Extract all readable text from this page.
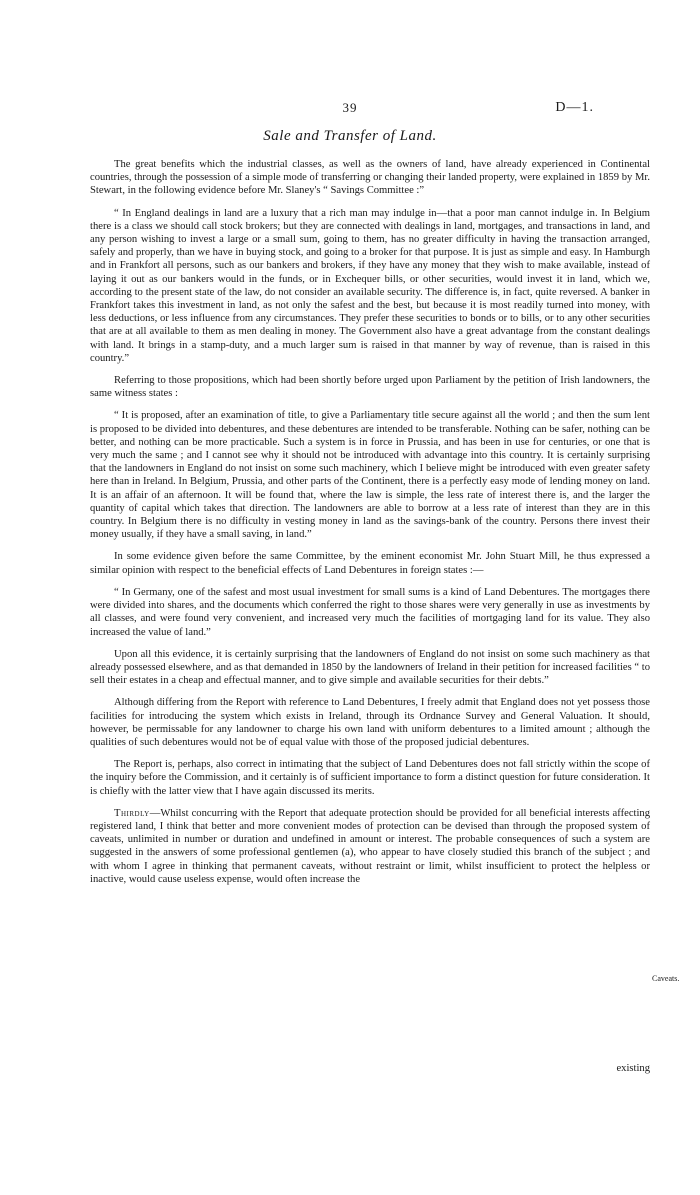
39	D—1.
Sale and Transfer of Land.

The great benefits which the industrial classes, as well as the owners of land, have already experienced in Continental countries, through the possession of a simple mode of transferring or changing their landed property, were explained in 1859 by Mr. Stewart, in the following evidence before Mr. Slaney's “ Savings Committee :”

“ In England dealings in land are a luxury that a rich man may indulge in—that a poor man cannot indulge in. In Belgium there is a class we should call stock brokers; but they are connected with dealings in land, mortgages, and transactions in land, and any person wishing to invest a large or a small sum, going to them, has no greater difficulty in having the transaction arranged, safely and properly, than we have in buying stock, and going to a broker for that purpose. It is just as simple and easy. In Hamburgh and in Frankfort all persons, such as our bankers and brokers, if they have any money that they wish to make available, instead of laying it out as our bankers would in the funds, or in Exchequer bills, or other securities, would invest it in land, which we, according to the present state of the law, do not consider an available security. The difference is, in fact, quite reversed. A banker in Frankfort takes this investment in land, as not only the safest and the best, but because it is most readily turned into money, with less deductions, or less influence from any circumstances. They prefer these securities to bonds or to bills, or to any other securities that are at all available to them as men dealing in money. The Government also have a great advantage from the constant dealings with land. It brings in a stamp-duty, and a much larger sum is raised in that manner by way of revenue, than is raised in this country.”

Referring to those propositions, which had been shortly before urged upon Parliament by the petition of Irish landowners, the same witness states :

“ It is proposed, after an examination of title, to give a Parliamentary title secure against all the world ; and then the sum lent is proposed to be divided into debentures, and these debentures are intended to be transferable. Nothing can be safer, nothing can be better, and nothing can be more practicable. Such a system is in force in Prussia, and has been in use for centuries, or one that is very much the same ; and I cannot see why it should not be introduced with advantage into this country. It is certainly surprising that the landowners in England do not insist on some such machinery, which I believe might be introduced with even greater safety here than in Ireland. In Belgium, Prussia, and other parts of the Continent, there is a perfectly easy mode of lending money on land. It is an affair of an afternoon. It will be found that, where the law is simple, the less rate of interest there is, and the larger the quantity of capital which takes that direction. The landowners are able to borrow at a less rate of interest than they are in this country. In Belgium there is no difficulty in vesting money in land as the savings-bank of the country. Persons there invest their money usually, if they have a small saving, in land.”

In some evidence given before the same Committee, by the eminent economist Mr. John Stuart Mill, he thus expressed a similar opinion with respect to the beneficial effects of Land Debentures in foreign states :—

“ In Germany, one of the safest and most usual investment for small sums is a kind of Land Debentures. The mortgages there were divided into shares, and the documents which conferred the right to those shares were very generally in use as investments by all classes, and were found very convenient, and increased very much the facilities of mortgaging land for its value. They also increased the value of land.”

Upon all this evidence, it is certainly surprising that the landowners of England do not insist on some such machinery as that already possessed elsewhere, and as that demanded in 1850 by the landowners of Ireland in their petition for increased facilities “ to sell their estates in a cheap and effectual manner, and to give simple and available securities for their debts.”

Although differing from the Report with reference to Land Debentures, I freely admit that England does not yet possess those facilities for introducing the system which exists in Ireland, through its Ordnance Survey and General Valuation. It should, however, be permissable for any landowner to charge his own land with uniform debentures to a limited amount ; although the qualities of such debentures would not be of equal value with those of the proposed judicial debentures.

The Report is, perhaps, also correct in intimating that the subject of Land Debentures does not fall strictly within the scope of the inquiry before the Commission, and it certainly is of sufficient importance to form a distinct question for future consideration. It is chiefly with the latter view that I have again discussed its merits.

Thirdly—Whilst concurring with the Report that adequate protection should be provided for all beneficial interests affecting registered land, I think that better and more convenient modes of protection can be devised than through the proposed system of caveats, unlimited in number or duration and undefined in amount or interest. The probable consequences of such a system are suggested in the answers of some professional gentlemen (a), who appear to have closely studied this branch of the subject ; and with whom I agree in thinking that permanent caveats, without restraint or limit, whilst insufficient to protect the helpless or inactive, would cause useless expense, would often increase the

Caveats.
existing
